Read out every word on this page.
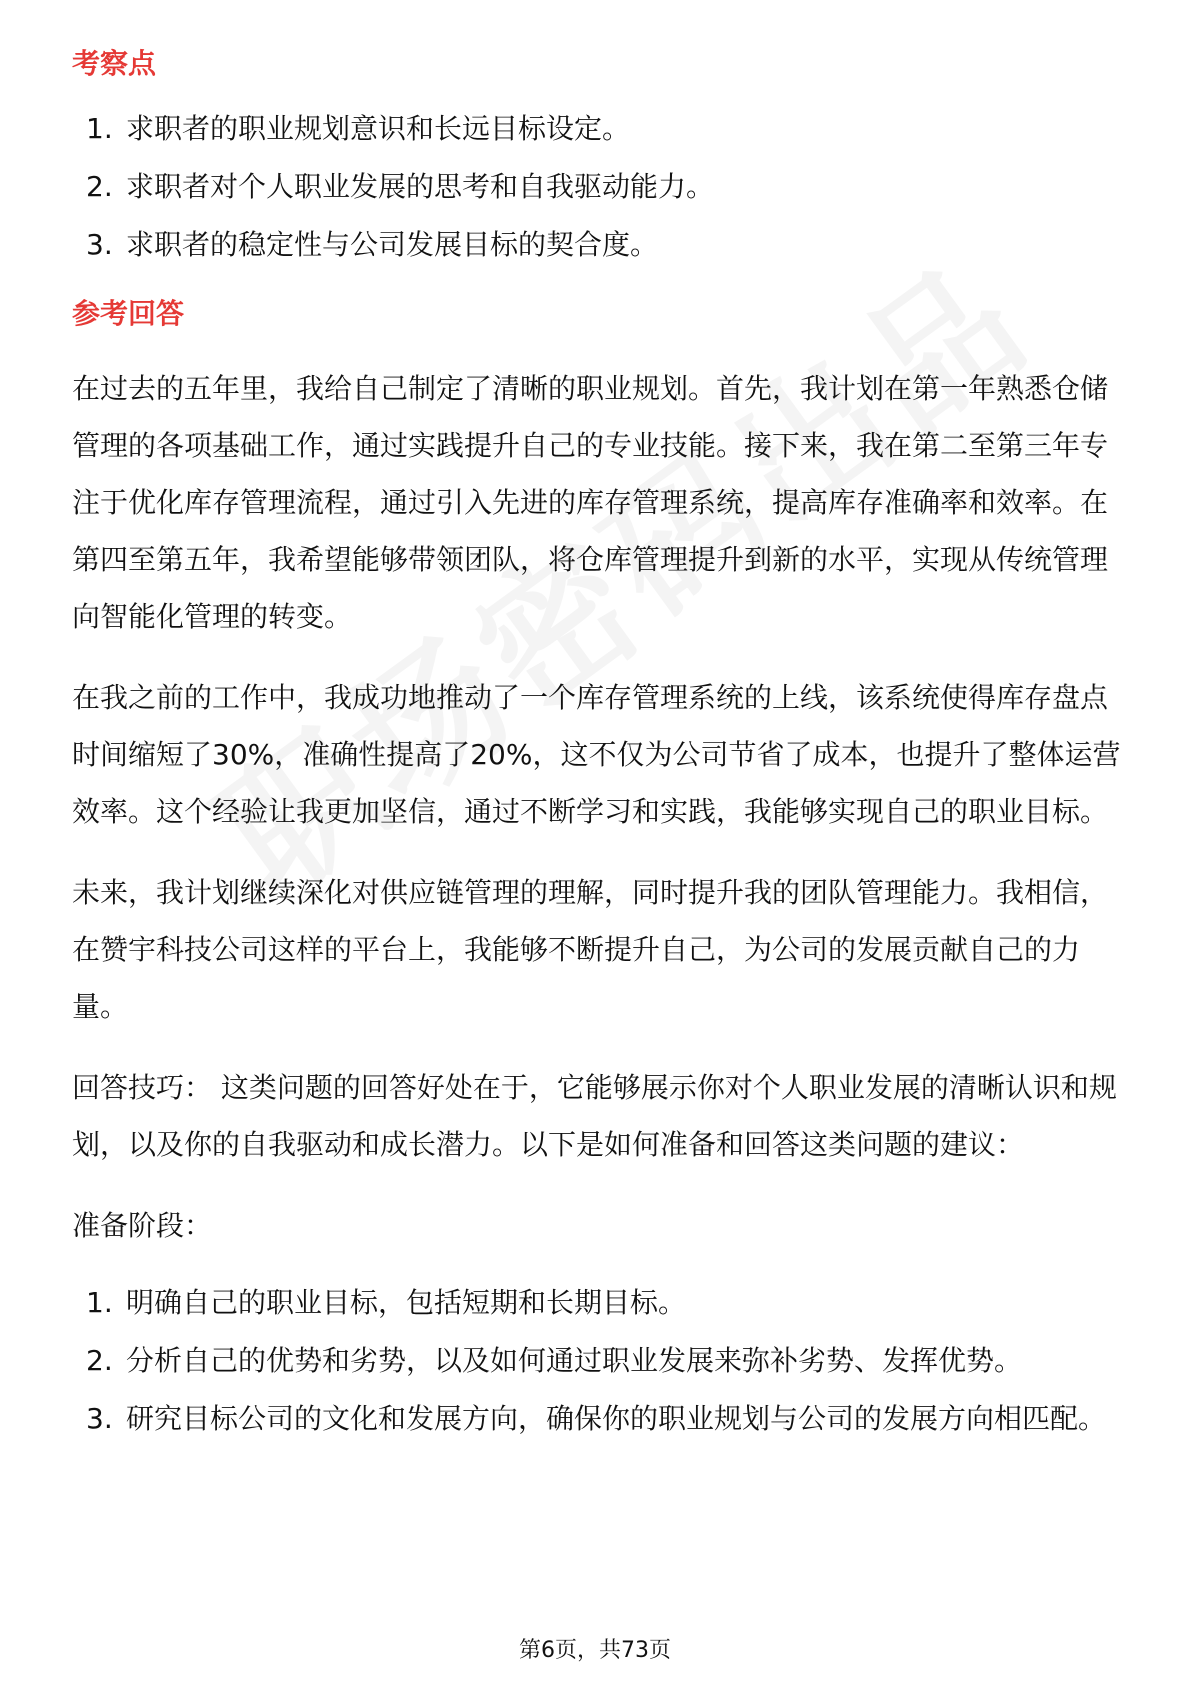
考察点
1. 求职者的职业规划意识和长远目标设定。
2. 求职者对个人职业发展的思考和自我驱动能力。
3. 求职者的稳定性与公司发展目标的契合度。
参考回答

在过去的五年里，我给自己制定了清晰的职业规划。首先，我计划在第一年熟悉仓储管理的各项基础工作，通过实践提升自己的专业技能。接下来，我在第二至第三年专注于优化库存管理流程，通过引入先进的库存管理系统，提高库存准确率和效率。在第四至第五年，我希望能够带领团队，将仓库管理提升到新的水平，实现从传统管理向智能化管理的转变。

在我之前的工作中，我成功地推动了一个库存管理系统的上线，该系统使得库存盘点时间缩短了30%，准确性提高了20%，这不仅为公司节省了成本，也提升了整体运营效率。这个经验让我更加坚信，通过不断学习和实践，我能够实现自己的职业目标。

未来，我计划继续深化对供应链管理的理解，同时提升我的团队管理能力。我相信，在赞宇科技公司这样的平台上，我能够不断提升自己，为公司的发展贡献自己的力量。

回答技巧： 这类问题的回答好处在于，它能够展示你对个人职业发展的清晰认识和规划，以及你的自我驱动和成长潜力。以下是如何准备和回答这类问题的建议：

准备阶段：

1. 明确自己的职业目标，包括短期和长期目标。
2. 分析自己的优势和劣势，以及如何通过职业发展来弥补劣势、发挥优势。
3. 研究目标公司的文化和发展方向，确保你的职业规划与公司的发展方向相匹配。
第6页，共73页
